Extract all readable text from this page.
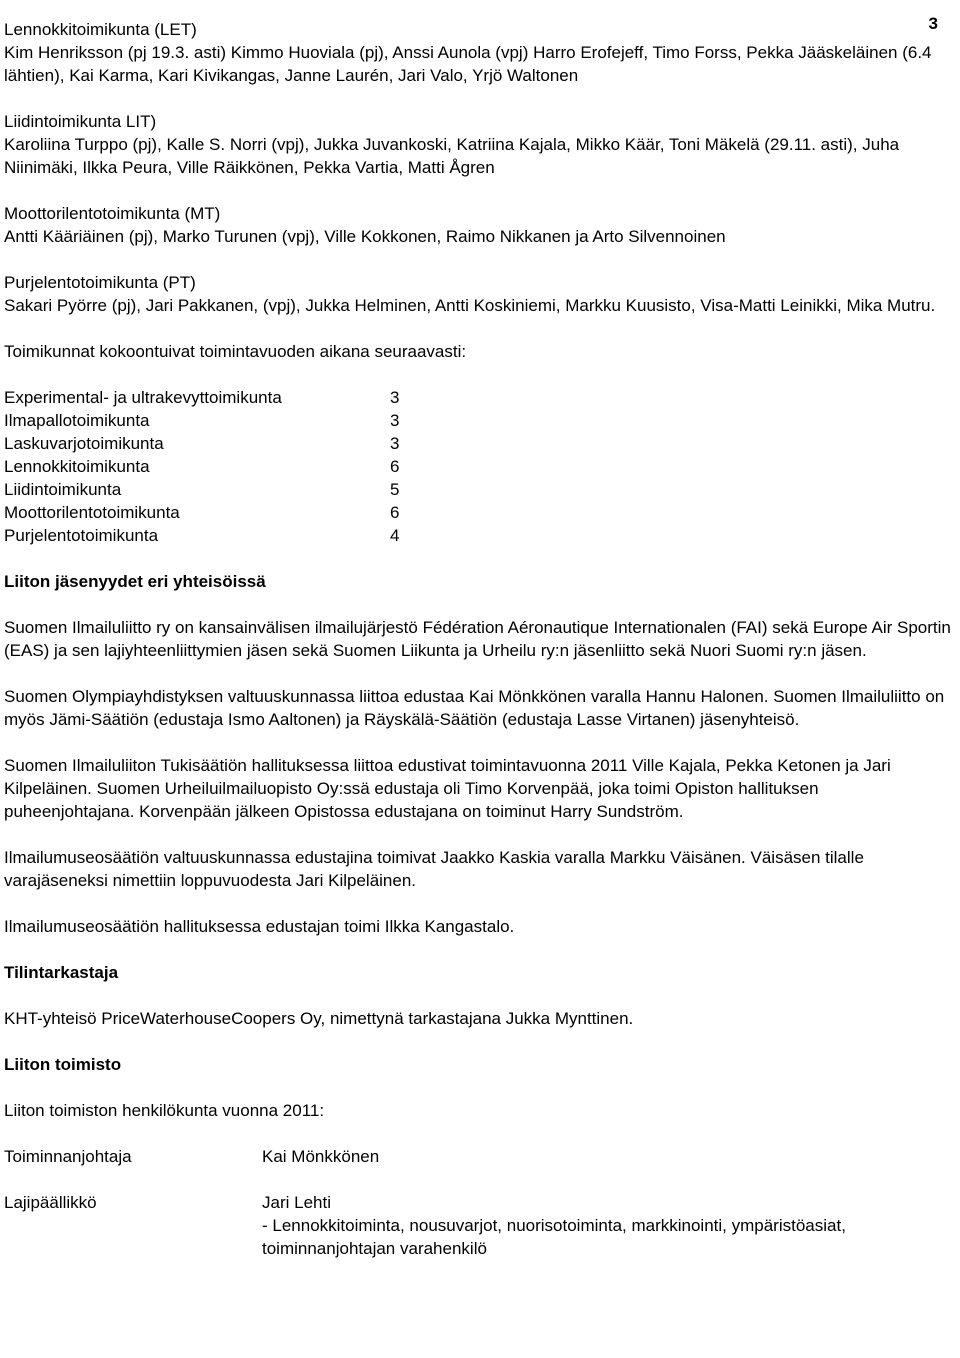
3

Lennokkitoimikunta (LET)

Kim Henriksson (pj 19.3. asti) Kimmo Huoviala (pj), Anssi Aunola (vpj) Harro Erofejeff, Timo Forss, Pekka Jääskeläinen (6.4 lähtien), Kai Karma, Kari Kivikangas, Janne Laurén, Jari Valo, Yrjö Waltonen

Liidintoimikunta LIT)

Karoliina Turppo (pj), Kalle S. Norri (vpj), Jukka Juvankoski, Katriina Kajala, Mikko Käär, Toni Mäkelä (29.11. asti), Juha Niinimäki, Ilkka Peura, Ville Räikkönen, Pekka Vartia, Matti Ågren

Moottorilentotoimikunta (MT)

Antti Kääriäinen (pj), Marko Turunen (vpj), Ville Kokkonen, Raimo Nikkanen ja Arto Silvennoinen

Purjelentotoimikunta (PT)

Sakari Pyörre (pj), Jari Pakkanen, (vpj), Jukka Helminen, Antti Koskiniemi, Markku Kuusisto, Visa-Matti Leinikki, Mika Mutru.

Toimikunnat kokoontuivat toimintavuoden aikana seuraavasti:

Experimental- ja ultrakevyttoimikunta	3
Ilmapallotoimikunta	3
Laskuvarjotoimikunta	3
Lennokkitoimikunta	6
Liidintoimikunta	5
Moottorilentotoimikunta	6
Purjelentotoimikunta	4

Liiton jäsenyydet eri yhteisöissä

Suomen Ilmailuliitto ry on kansainvälisen ilmailujärjestö Fédération Aéronautique Internationalen (FAI) sekä Europe Air Sportin (EAS) ja sen lajiyhteenliittymien jäsen sekä Suomen Liikunta ja Urheilu ry:n jäsenliitto sekä Nuori Suomi ry:n jäsen.

Suomen Olympiayhdistyksen valtuuskunnassa liittoa edustaa Kai Mönkkönen varalla Hannu Halonen. Suomen Ilmailuliitto on myös Jämi-Säätiön (edustaja Ismo Aaltonen) ja Räyskälä-Säätiön (edustaja Lasse Virtanen) jäsenyhteisö.

Suomen Ilmailuliiton Tukisäätiön hallituksessa liittoa edustivat toimintavuonna 2011 Ville Kajala, Pekka Ketonen ja Jari Kilpeläinen. Suomen Urheiluilmailuopisto Oy:ssä edustaja oli Timo Korvenpää, joka toimi Opiston hallituksen puheenjohtajana. Korvenpään jälkeen Opistossa edustajana on toiminut Harry Sundström.

Ilmailumuseosäätiön valtuuskunnassa edustajina toimivat Jaakko Kaskia varalla Markku Väisänen. Väisäsen tilalle varajäseneksi nimettiin loppuvuodesta Jari Kilpeläinen.

Ilmailumuseosäätiön hallituksessa edustajan toimi Ilkka Kangastalo.

Tilintarkastaja

KHT-yhteisö PriceWaterhouseCoopers Oy, nimettynä tarkastajana Jukka Myntti​nen.

Liiton toimisto

Liiton toimiston henkilökunta vuonna 2011:

Toiminnanjohtaja	Kai Mönkkönen
Lajipäällikkö	Jari Lehti
- Lennokkitoiminta, nousuvarjot, nuorisotoiminta, markkinointi, ympäristöasiat, toiminnanjohtajan varahenkilö
